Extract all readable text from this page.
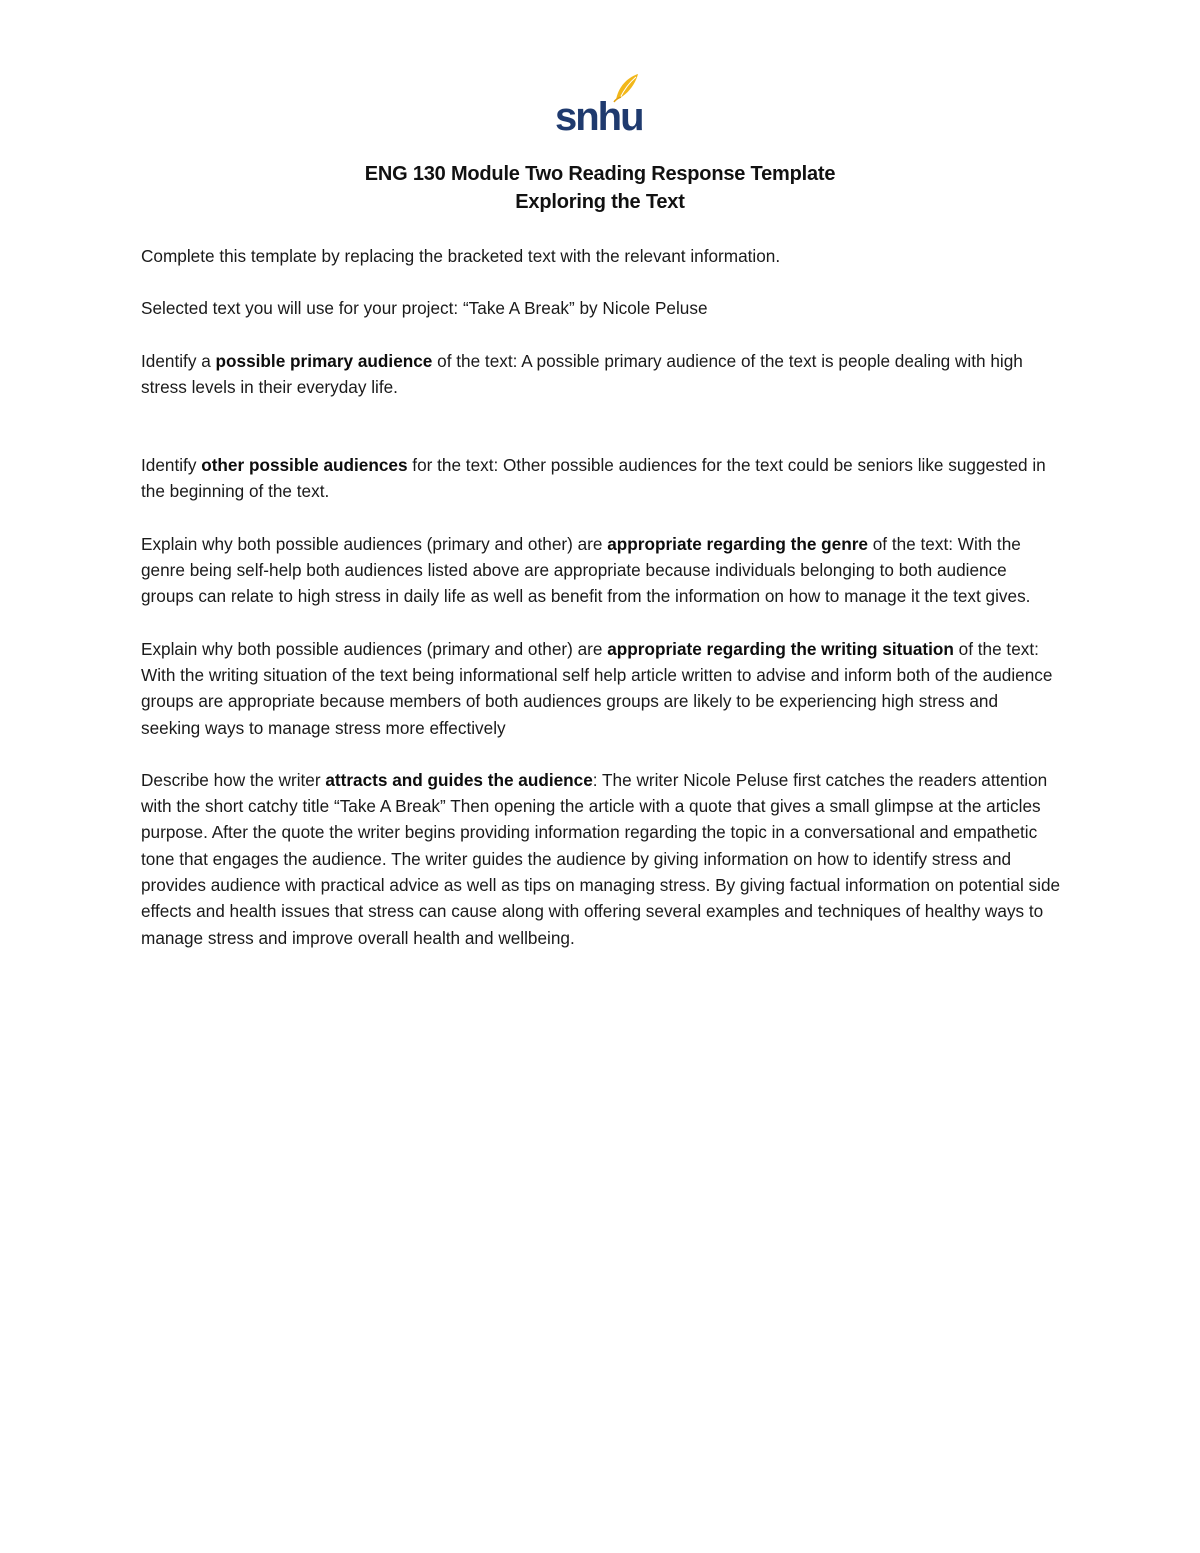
snhu
ENG 130 Module Two Reading Response Template
Exploring the Text

Complete this template by replacing the bracketed text with the relevant information.

Selected text you will use for your project: “Take A Break” by Nicole Peluse

Identify a possible primary audience of the text: A possible primary audience of the text is people dealing with high stress levels in their everyday life.

Identify other possible audiences for the text: Other possible audiences for the text could be seniors like suggested in the beginning of the text.

Explain why both possible audiences (primary and other) are appropriate regarding the genre of the text: With the genre being self-help both audiences listed above are appropriate because individuals belonging to both audience groups can relate to high stress in daily life as well as benefit from the information on how to manage it the text gives.

Explain why both possible audiences (primary and other) are appropriate regarding the writing situation of the text: With the writing situation of the text being informational self help article written to advise and inform both of the audience groups are appropriate because members of both audiences groups are likely to be experiencing high stress and seeking ways to manage stress more effectively

Describe how the writer attracts and guides the audience: The writer Nicole Peluse first catches the readers attention with the short catchy title “Take A Break” Then opening the article with a quote that gives a small glimpse at the articles purpose. After the quote the writer begins providing information regarding the topic in a conversational and empathetic tone that engages the audience. The writer guides the audience by giving information on how to identify stress and provides audience with practical advice as well as tips on managing stress. By giving factual information on potential side effects and health issues that stress can cause along with offering several examples and techniques of healthy ways to manage stress and improve overall health and wellbeing.
